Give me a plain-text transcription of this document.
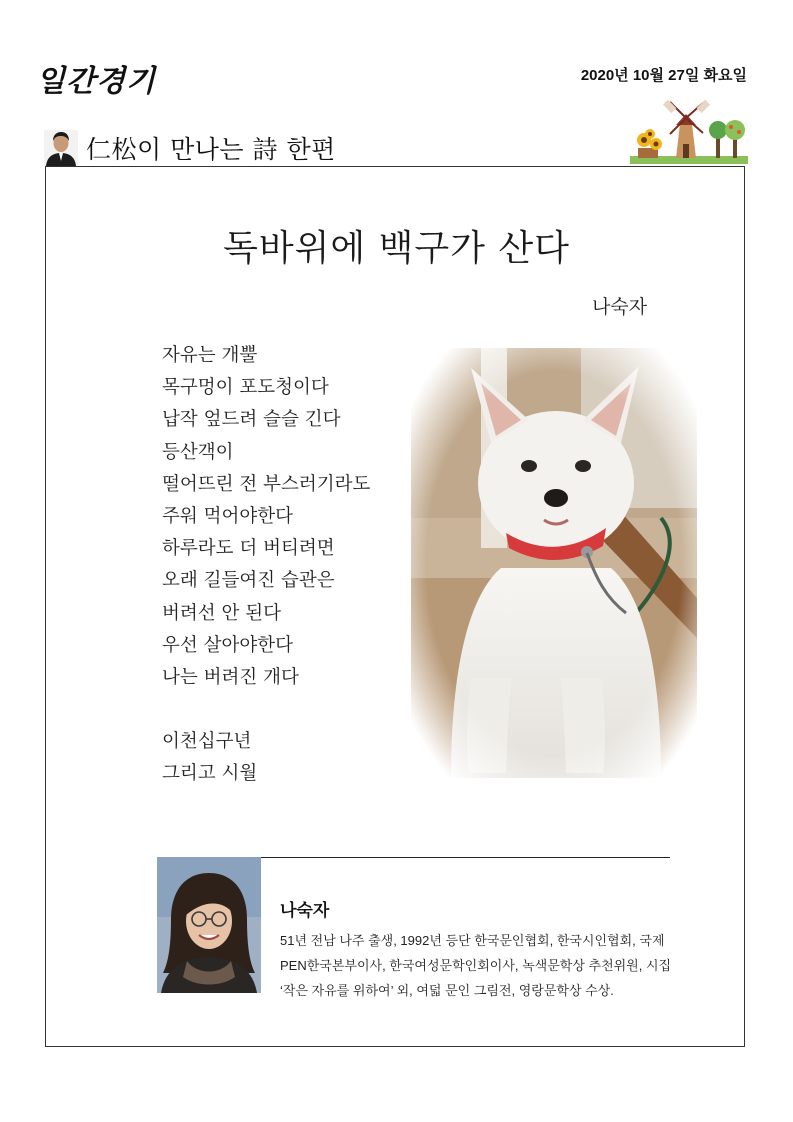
일간경기	2020년 10월 27일 화요일
仁松이 만나는 詩 한편
독바위에 백구가 산다
나숙자
자유는 개뿔
목구멍이 포도청이다
납작 엎드려 슬슬 긴다
등산객이
떨어뜨린 전 부스러기라도
주워 먹어야한다
하루라도 더 버티려면
오래 길들여진 습관은
버려선 안 된다
우선 살아야한다
나는 버려진 개다
이천십구년
그리고 시월
나숙자
51년 전남 나주 출생, 1992년 등단 한국문인협회, 한국시인협회, 국제
PEN한국본부이사, 한국여성문학인회이사, 녹색문학상 추천위원, 시집
‘작은 자유를 위하여’ 외, 여덟 문인 그림전, 영랑문학상 수상.
